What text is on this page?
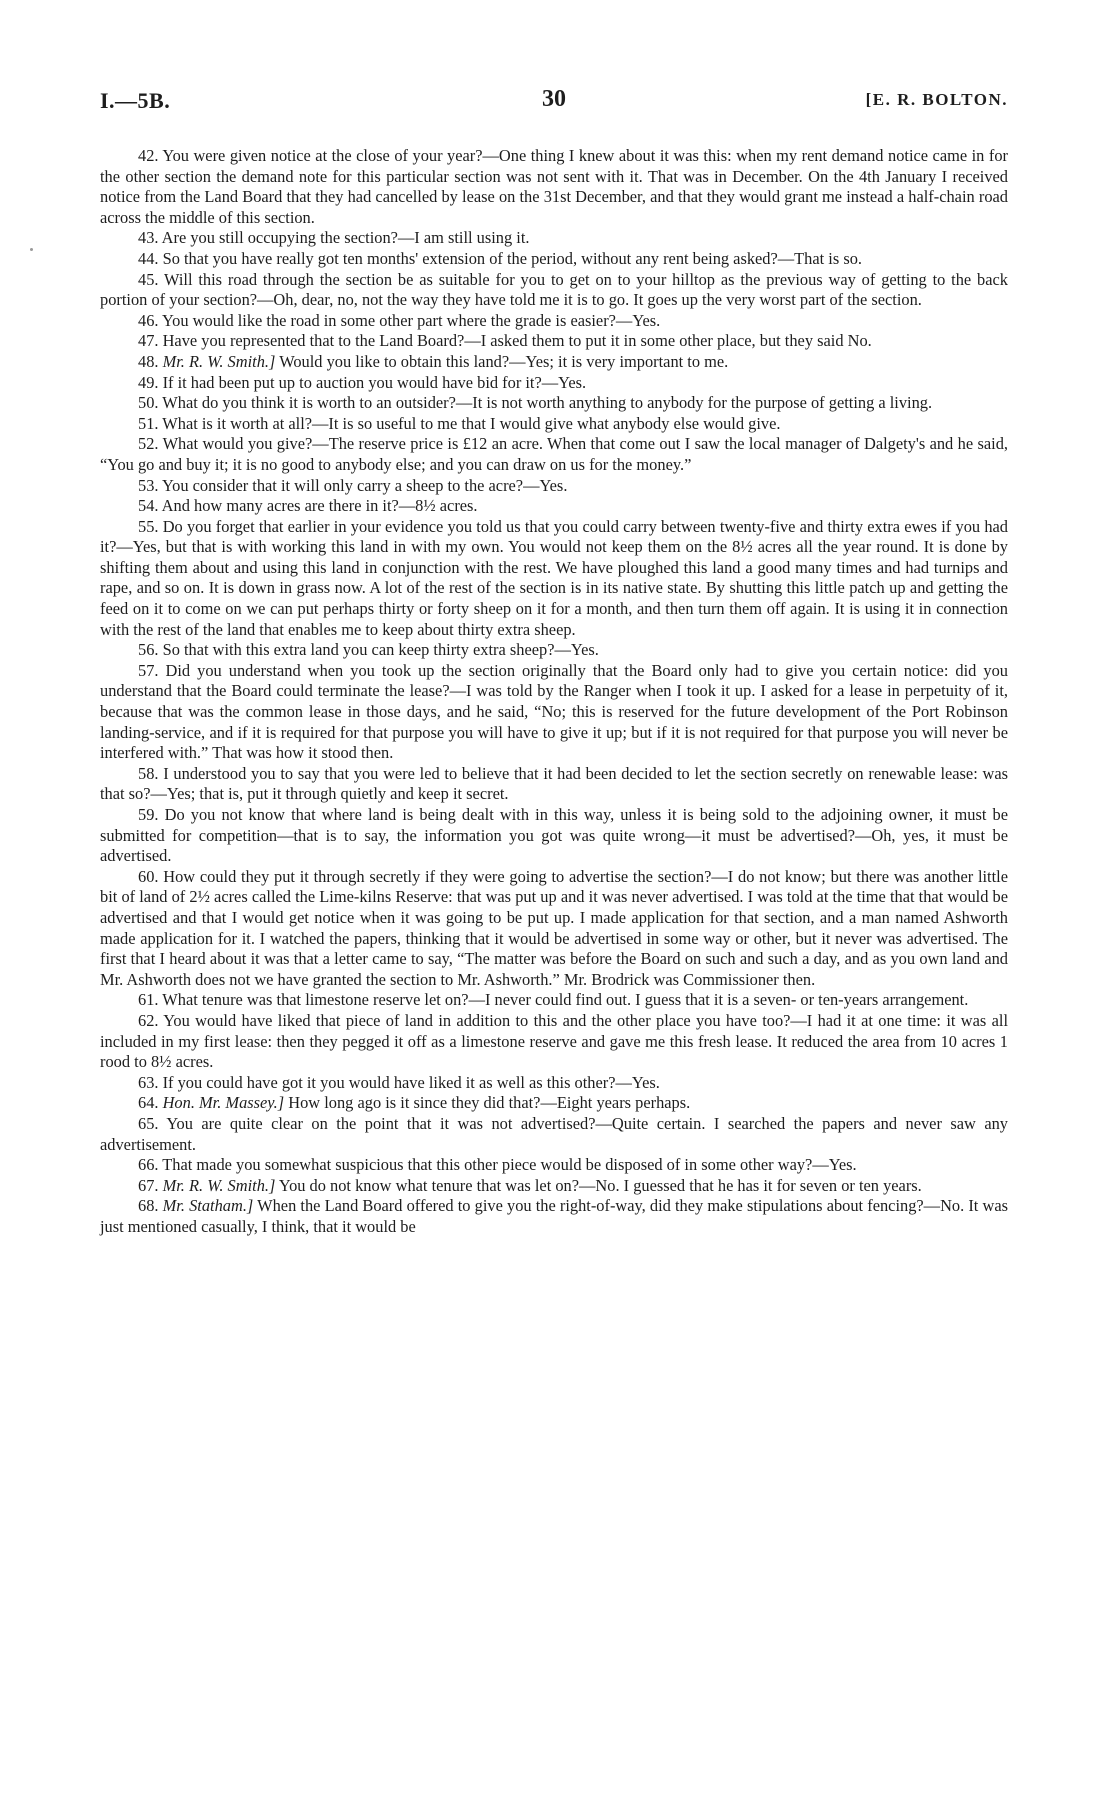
I.—5B.	30	[E. R. BOLTON.

42. You were given notice at the close of your year?—One thing I knew about it was this: when my rent demand notice came in for the other section the demand note for this particular section was not sent with it. That was in December. On the 4th January I received notice from the Land Board that they had cancelled by lease on the 31st December, and that they would grant me instead a half-chain road across the middle of this section.

43. Are you still occupying the section?—I am still using it.

44. So that you have really got ten months' extension of the period, without any rent being asked?—That is so.

45. Will this road through the section be as suitable for you to get on to your hilltop as the previous way of getting to the back portion of your section?—Oh, dear, no, not the way they have told me it is to go. It goes up the very worst part of the section.

46. You would like the road in some other part where the grade is easier?—Yes.

47. Have you represented that to the Land Board?—I asked them to put it in some other place, but they said No.

48. Mr. R. W. Smith.] Would you like to obtain this land?—Yes; it is very important to me.

49. If it had been put up to auction you would have bid for it?—Yes.

50. What do you think it is worth to an outsider?—It is not worth anything to anybody for the purpose of getting a living.

51. What is it worth at all?—It is so useful to me that I would give what anybody else would give.

52. What would you give?—The reserve price is £12 an acre. When that come out I saw the local manager of Dalgety's and he said, “You go and buy it; it is no good to anybody else; and you can draw on us for the money.”

53. You consider that it will only carry a sheep to the acre?—Yes.

54. And how many acres are there in it?—8½ acres.

55. Do you forget that earlier in your evidence you told us that you could carry between twenty-five and thirty extra ewes if you had it?—Yes, but that is with working this land in with my own. You would not keep them on the 8½ acres all the year round. It is done by shifting them about and using this land in conjunction with the rest. We have ploughed this land a good many times and had turnips and rape, and so on. It is down in grass now. A lot of the rest of the section is in its native state. By shutting this little patch up and getting the feed on it to come on we can put perhaps thirty or forty sheep on it for a month, and then turn them off again. It is using it in connection with the rest of the land that enables me to keep about thirty extra sheep.

56. So that with this extra land you can keep thirty extra sheep?—Yes.

57. Did you understand when you took up the section originally that the Board only had to give you certain notice: did you understand that the Board could terminate the lease?—I was told by the Ranger when I took it up. I asked for a lease in perpetuity of it, because that was the common lease in those days, and he said, “No; this is reserved for the future development of the Port Robinson landing-service, and if it is required for that purpose you will have to give it up; but if it is not required for that purpose you will never be interfered with.” That was how it stood then.

58. I understood you to say that you were led to believe that it had been decided to let the section secretly on renewable lease: was that so?—Yes; that is, put it through quietly and keep it secret.

59. Do you not know that where land is being dealt with in this way, unless it is being sold to the adjoining owner, it must be submitted for competition—that is to say, the information you got was quite wrong—it must be advertised?—Oh, yes, it must be advertised.

60. How could they put it through secretly if they were going to advertise the section?—I do not know; but there was another little bit of land of 2½ acres called the Lime-kilns Reserve: that was put up and it was never advertised. I was told at the time that that would be advertised and that I would get notice when it was going to be put up. I made application for that section, and a man named Ashworth made application for it. I watched the papers, thinking that it would be advertised in some way or other, but it never was advertised. The first that I heard about it was that a letter came to say, “The matter was before the Board on such and such a day, and as you own land and Mr. Ashworth does not we have granted the section to Mr. Ashworth.” Mr. Brodrick was Commissioner then.

61. What tenure was that limestone reserve let on?—I never could find out. I guess that it is a seven- or ten-years arrangement.

62. You would have liked that piece of land in addition to this and the other place you have too?—I had it at one time: it was all included in my first lease: then they pegged it off as a limestone reserve and gave me this fresh lease. It reduced the area from 10 acres 1 rood to 8½ acres.

63. If you could have got it you would have liked it as well as this other?—Yes.

64. Hon. Mr. Massey.] How long ago is it since they did that?—Eight years perhaps.

65. You are quite clear on the point that it was not advertised?—Quite certain. I searched the papers and never saw any advertisement.

66. That made you somewhat suspicious that this other piece would be disposed of in some other way?—Yes.

67. Mr. R. W. Smith.] You do not know what tenure that was let on?—No. I guessed that he has it for seven or ten years.

68. Mr. Statham.] When the Land Board offered to give you the right-of-way, did they make stipulations about fencing?—No. It was just mentioned casually, I think, that it would be
